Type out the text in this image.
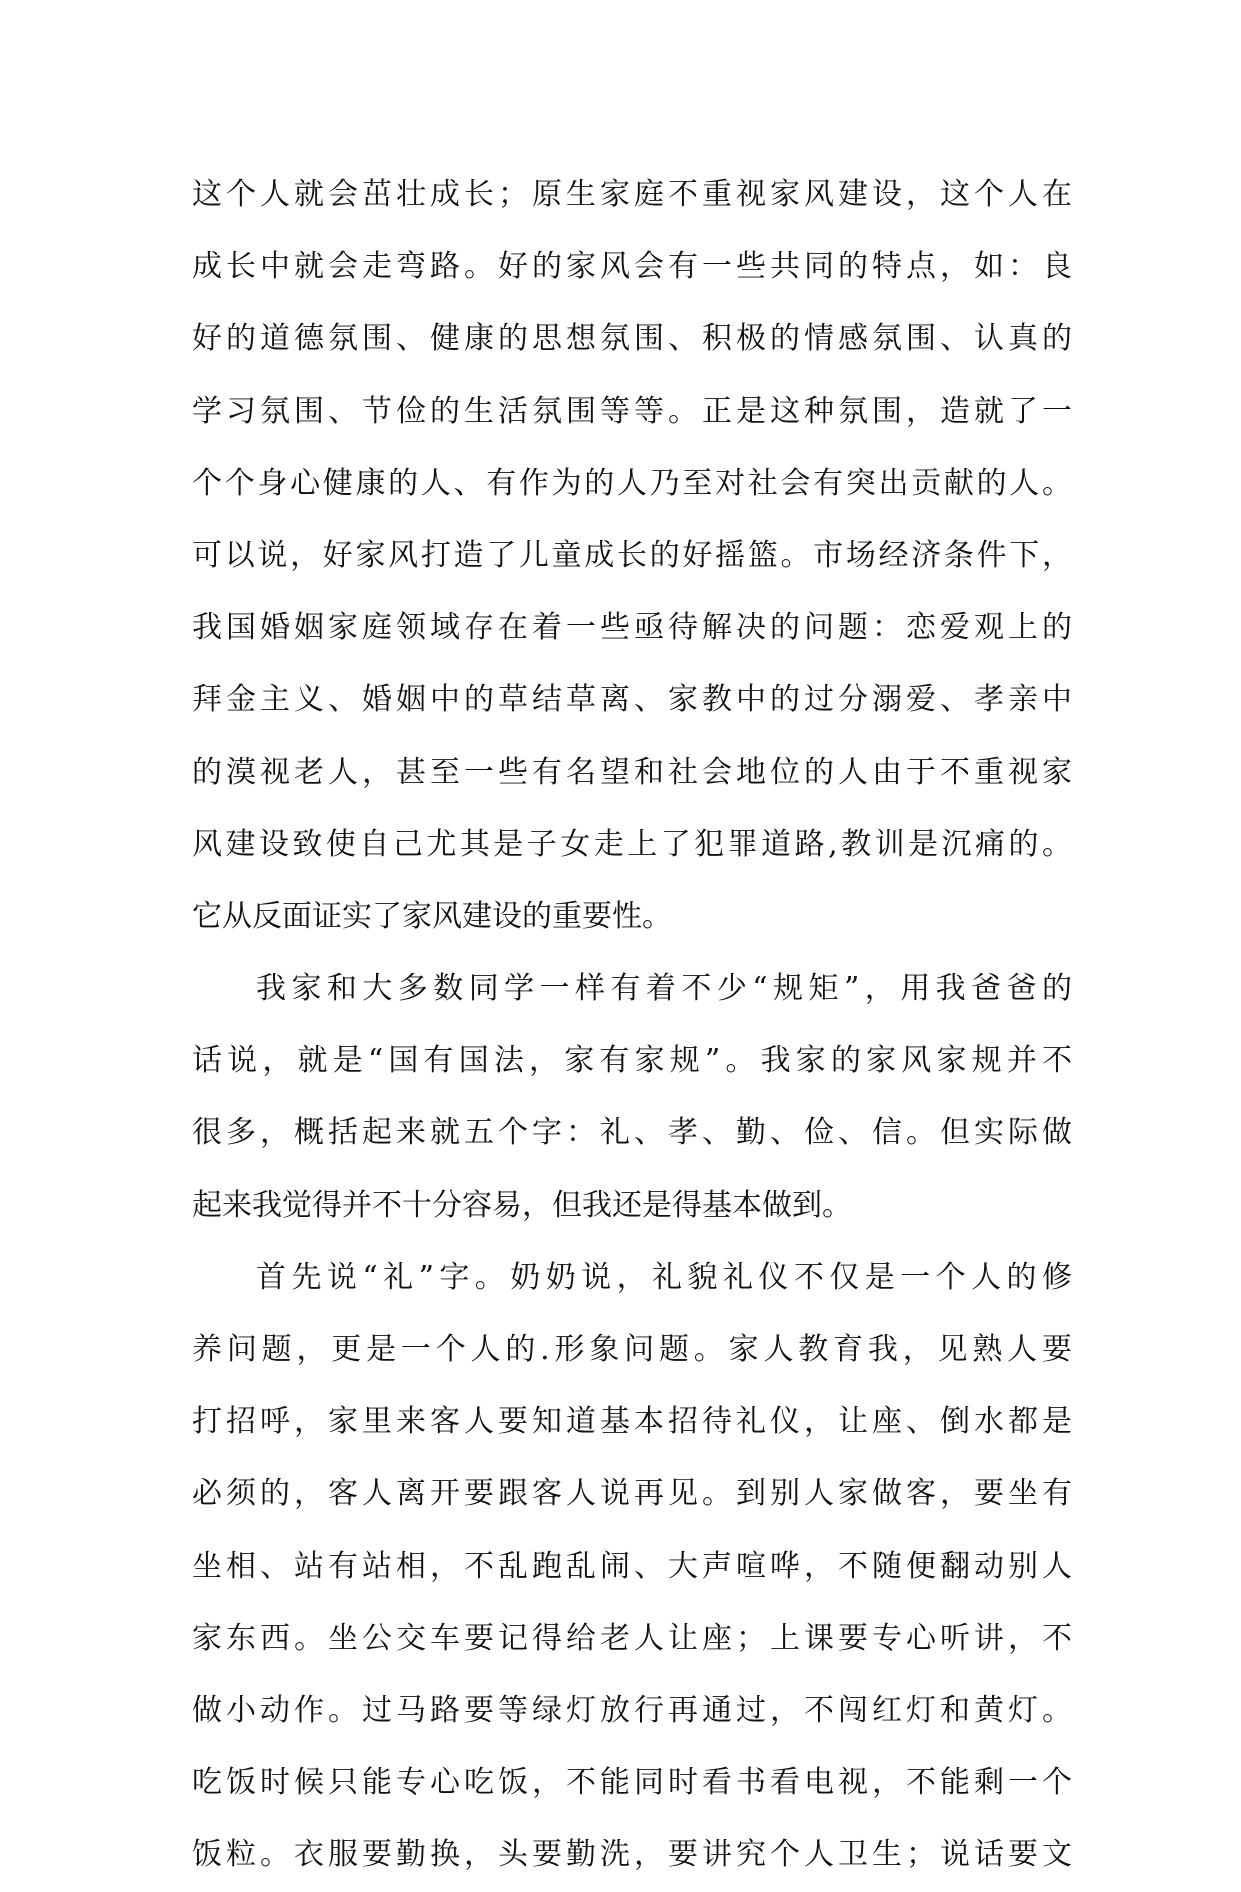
这个人就会茁壮成长；原生家庭不重视家风建设，这个人在
成长中就会走弯路。好的家风会有一些共同的特点，如：良
好的道德氛围、健康的思想氛围、积极的情感氛围、认真的
学习氛围、节俭的生活氛围等等。正是这种氛围，造就了一
个个身心健康的人、有作为的人乃至对社会有突出贡献的人。
可以说，好家风打造了儿童成长的好摇篮。市场经济条件下，
我国婚姻家庭领域存在着一些亟待解决的问题：恋爱观上的
拜金主义、婚姻中的草结草离、家教中的过分溺爱、孝亲中
的漠视老人，甚至一些有名望和社会地位的人由于不重视家
风建设致使自己尤其是子女走上了犯罪道路,教训是沉痛的。
它从反面证实了家风建设的重要性。
我家和大多数同学一样有着不少“规矩”，用我爸爸的
话说，就是“国有国法，家有家规”。我家的家风家规并不
很多，概括起来就五个字：礼、孝、勤、俭、信。但实际做
起来我觉得并不十分容易，但我还是得基本做到。
首先说“礼”字。奶奶说，礼貌礼仪不仅是一个人的修
养问题，更是一个人的.形象问题。家人教育我，见熟人要
打招呼，家里来客人要知道基本招待礼仪，让座、倒水都是
必须的，客人离开要跟客人说再见。到别人家做客，要坐有
坐相、站有站相，不乱跑乱闹、大声喧哗，不随便翻动别人
家东西。坐公交车要记得给老人让座；上课要专心听讲，不
做小动作。过马路要等绿灯放行再通过，不闯红灯和黄灯。
吃饭时候只能专心吃饭，不能同时看书看电视，不能剩一个
饭粒。衣服要勤换，头要勤洗，要讲究个人卫生；说话要文
